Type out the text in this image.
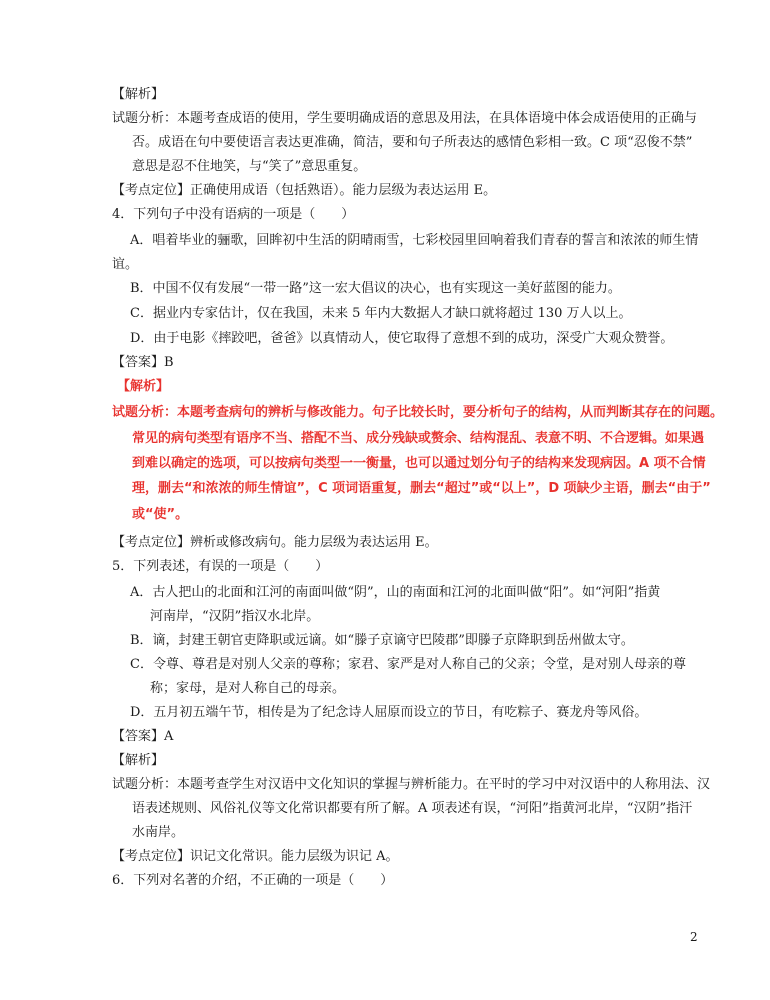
【解析】
试题分析：本题考查成语的使用，学生要明确成语的意思及用法，在具体语境中体会成语使用的正确与
否。成语在句中要使语言表达更准确，简洁，要和句子所表达的感情色彩相一致。C 项“忍俊不禁”
意思是忍不住地笑，与“笑了”意思重复。
【考点定位】正确使用成语（包括熟语）。能力层级为表达运用 E。
4．下列句子中没有语病的一项是（　　）
A．唱着毕业的骊歌，回眸初中生活的阴晴雨雪，七彩校园里回响着我们青春的誓言和浓浓的师生情
谊。
B．中国不仅有发展“一带一路”这一宏大倡议的决心，也有实现这一美好蓝图的能力。
C．据业内专家估计，仅在我国，未来 5 年内大数据人才缺口就将超过 130 万人以上。
D．由于电影《摔跤吧，爸爸》以真情动人，使它取得了意想不到的成功，深受广大观众赞誉。
【答案】B
【解析】
试题分析：本题考查病句的辨析与修改能力。句子比较长时，要分析句子的结构，从而判断其存在的问题。
常见的病句类型有语序不当、搭配不当、成分残缺或赘余、结构混乱、表意不明、不合逻辑。如果遇
到难以确定的选项，可以按病句类型一一衡量，也可以通过划分句子的结构来发现病因。A 项不合情
理，删去“和浓浓的师生情谊”，C 项词语重复，删去“超过”或“以上”，D 项缺少主语，删去“由于”
或“使”。
【考点定位】辨析或修改病句。能力层级为表达运用 E。
5．下列表述，有误的一项是（　　）
A．古人把山的北面和江河的南面叫做“阴”，山的南面和江河的北面叫做“阳”。如“河阳”指黄
河南岸，“汉阴”指汉水北岸。
B．谪，封建王朝官吏降职或远谪。如“滕子京谪守巴陵郡”即滕子京降职到岳州做太守。
C．令尊、尊君是对别人父亲的尊称；家君、家严是对人称自己的父亲；令堂，是对别人母亲的尊
称；家母，是对人称自己的母亲。
D．五月初五端午节，相传是为了纪念诗人屈原而设立的节日，有吃粽子、赛龙舟等风俗。
【答案】A
【解析】
试题分析：本题考查学生对汉语中文化知识的掌握与辨析能力。在平时的学习中对汉语中的人称用法、汉
语表述规则、风俗礼仪等文化常识都要有所了解。A 项表述有误，“河阳”指黄河北岸，“汉阴”指汗
水南岸。
【考点定位】识记文化常识。能力层级为识记 A。
6．下列对名著的介绍，不正确的一项是（　　）
2
